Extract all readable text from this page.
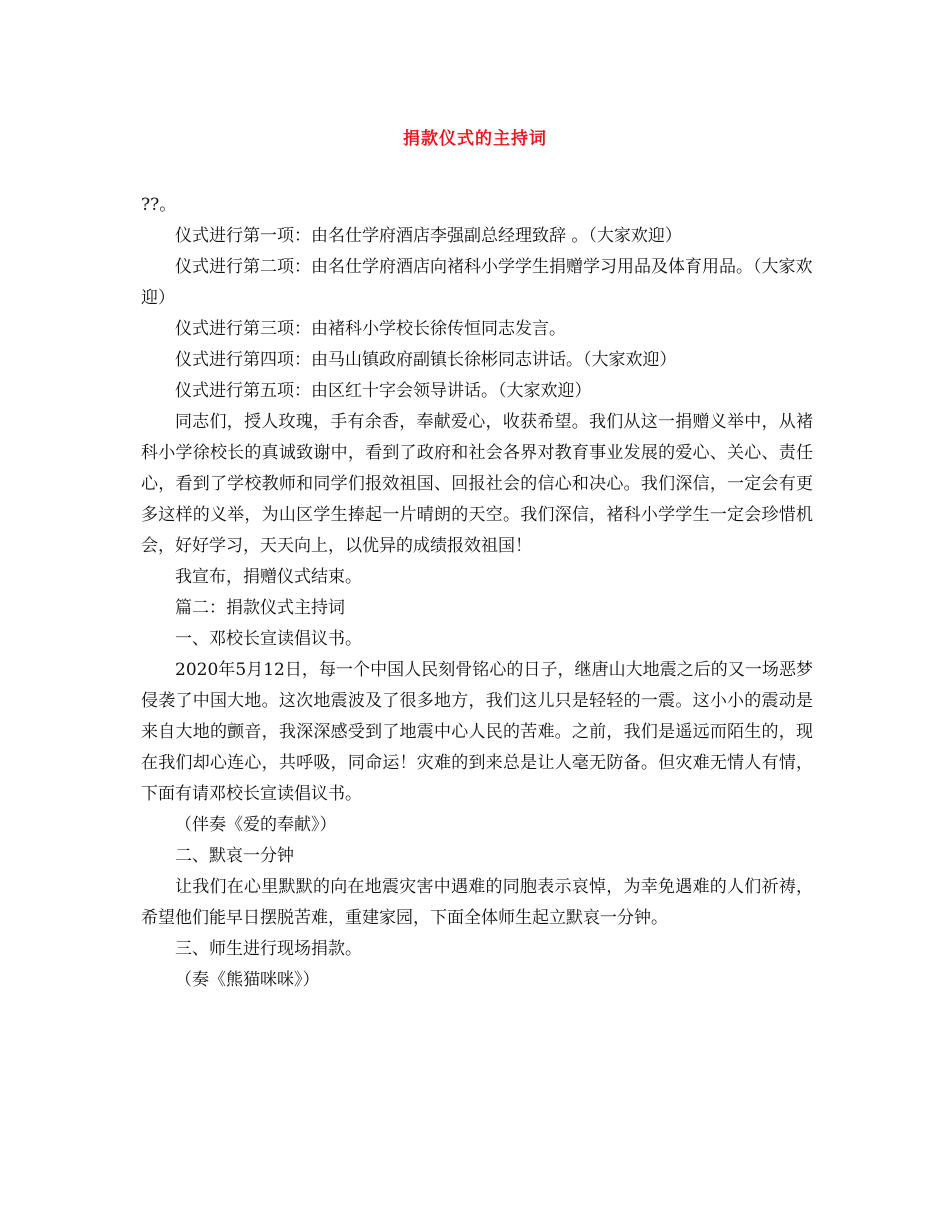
捐款仪式的主持词

??。

仪式进行第一项：由名仕学府酒店李强副总经理致辞 。（大家欢迎）

仪式进行第二项：由名仕学府酒店向褚科小学学生捐赠学习用品及体育用品。（大家欢迎）

仪式进行第三项：由褚科小学校长徐传恒同志发言。

仪式进行第四项：由马山镇政府副镇长徐彬同志讲话。（大家欢迎）

仪式进行第五项：由区红十字会领导讲话。（大家欢迎）

同志们，授人玫瑰，手有余香，奉献爱心，收获希望。我们从这一捐赠义举中，从褚科小学徐校长的真诚致谢中，看到了政府和社会各界对教育事业发展的爱心、关心、责任心，看到了学校教师和同学们报效祖国、回报社会的信心和决心。我们深信，一定会有更多这样的义举，为山区学生捧起一片晴朗的天空。我们深信，褚科小学学生一定会珍惜机会，好好学习，天天向上，以优异的成绩报效祖国！

我宣布，捐赠仪式结束。

篇二：捐款仪式主持词

一、邓校长宣读倡议书。

2020年5月12日，每一个中国人民刻骨铭心的日子，继唐山大地震之后的又一场恶梦侵袭了中国大地。这次地震波及了很多地方，我们这儿只是轻轻的一震。这小小的震动是来自大地的颤音，我深深感受到了地震中心人民的苦难。之前，我们是遥远而陌生的，现在我们却心连心，共呼吸，同命运！灾难的到来总是让人毫无防备。但灾难无情人有情，下面有请邓校长宣读倡议书。

（伴奏《爱的奉献》）

二、默哀一分钟

让我们在心里默默的向在地震灾害中遇难的同胞表示哀悼，为幸免遇难的人们祈祷，希望他们能早日摆脱苦难，重建家园，下面全体师生起立默哀一分钟。

三、师生进行现场捐款。

（奏《熊猫咪咪》）
